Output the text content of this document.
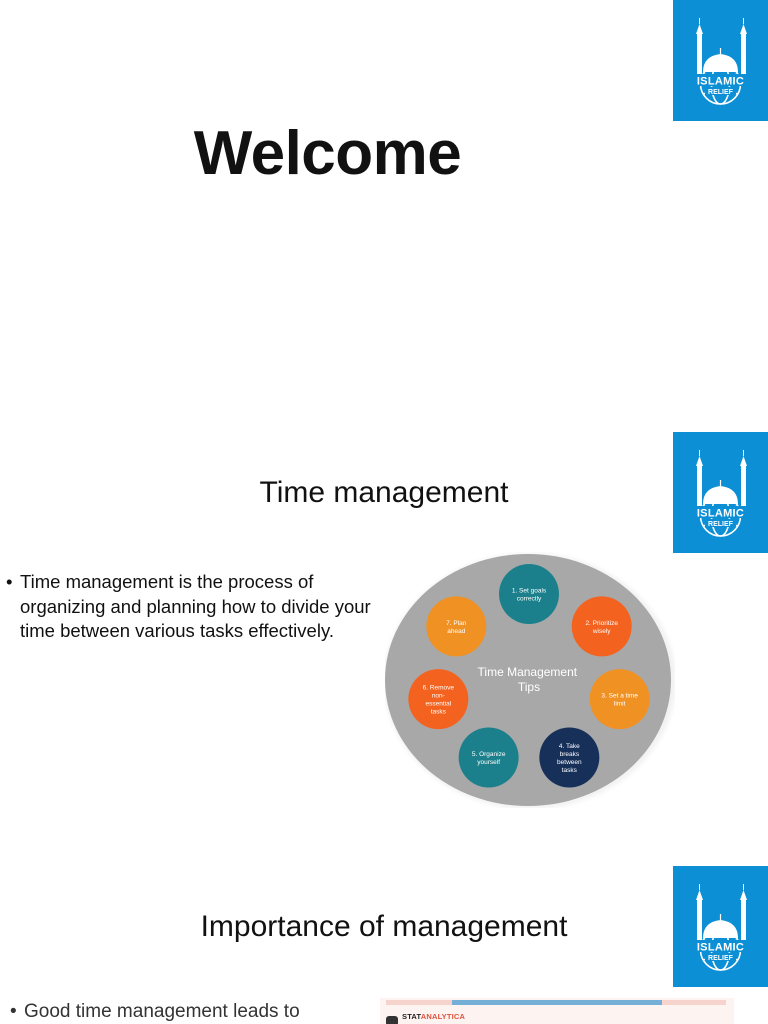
ISLAMIC
RELIEF
Welcome
ISLAMIC
RELIEF
Time management
• Time management is the process of organizing and planning how to divide your time between various tasks effectively.
Time Management Tips
1. Set goals correctly
2. Prioritize wisely
3. Set a time limit
4. Take breaks between tasks
5. Organize yourself
6. Remove non-essential tasks
7. Plan ahead
ISLAMIC
RELIEF
Importance of management
• Good time management leads to	STATANALYTICA
